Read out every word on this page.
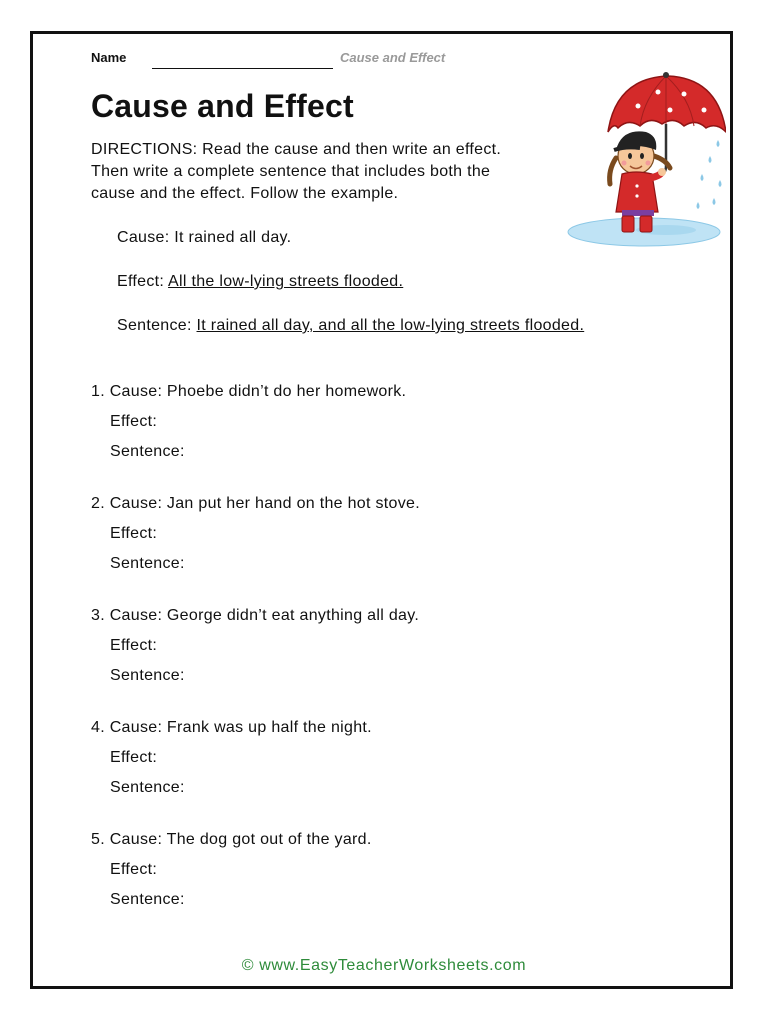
Name	Cause and Effect
Cause and Effect
DIRECTIONS: Read the cause and then write an effect.
Then write a complete sentence that includes both the
cause and the effect. Follow the example.
Cause: It rained all day.
Effect: All the low-lying streets flooded.
Sentence: It rained all day, and all the low-lying streets flooded.
1. Cause: Phoebe didn’t do her homework.
Effect:
Sentence:
2. Cause: Jan put her hand on the hot stove.
Effect:
Sentence:
3. Cause: George didn’t eat anything all day.
Effect:
Sentence:
4. Cause: Frank was up half the night.
Effect:
Sentence:
5. Cause: The dog got out of the yard.
Effect:
Sentence:
© www.EasyTeacherWorksheets.com
